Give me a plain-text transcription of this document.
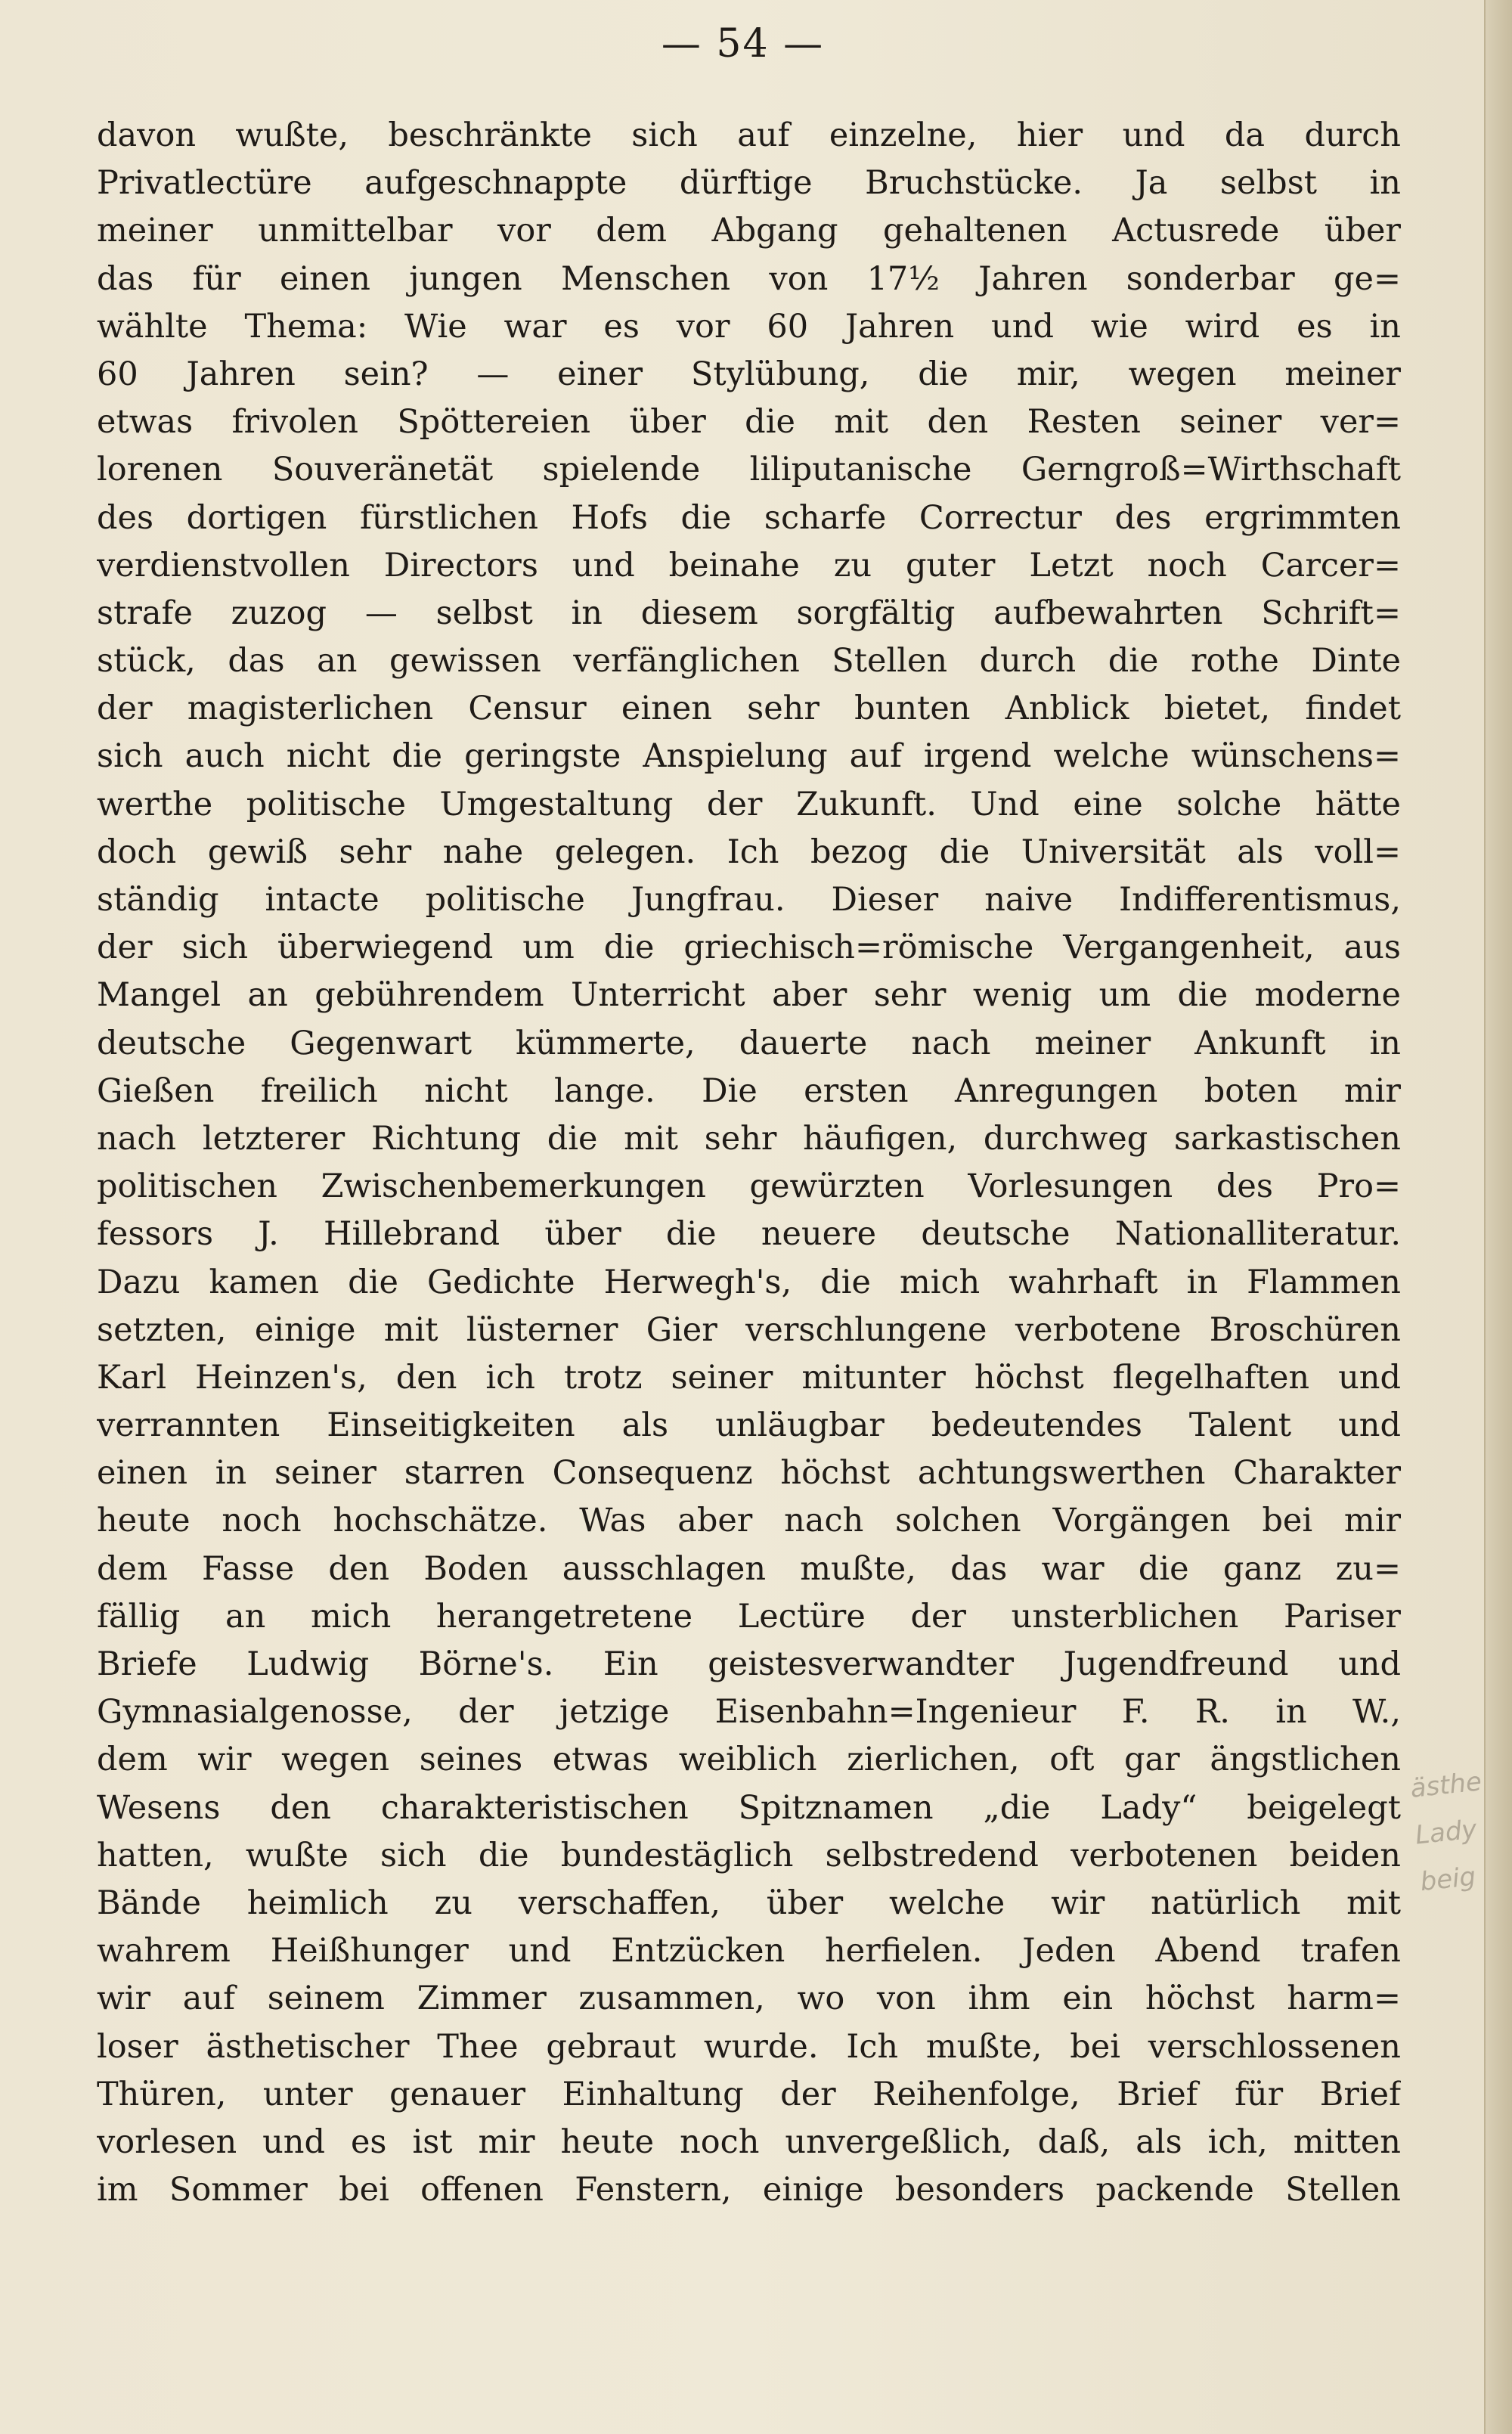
— 54 —
davon wußte, beschränkte sich auf einzelne, hier und da durch
Privatlectüre aufgeschnappte dürftige Bruchstücke. Ja selbst in
meiner unmittelbar vor dem Abgang gehaltenen Actusrede über
das für einen jungen Menschen von 17½ Jahren sonderbar ge=
wählte Thema: Wie war es vor 60 Jahren und wie wird es in
60 Jahren sein? — einer Stylübung, die mir, wegen meiner
etwas frivolen Spöttereien über die mit den Resten seiner ver=
lorenen Souveränetät spielende liliputanische Gerngroß=Wirthschaft
des dortigen fürstlichen Hofs die scharfe Correctur des ergrimmten
verdienstvollen Directors und beinahe zu guter Letzt noch Carcer=
strafe zuzog — selbst in diesem sorgfältig aufbewahrten Schrift=
stück, das an gewissen verfänglichen Stellen durch die rothe Dinte
der magisterlichen Censur einen sehr bunten Anblick bietet, findet
sich auch nicht die geringste Anspielung auf irgend welche wünschens=
werthe politische Umgestaltung der Zukunft. Und eine solche hätte
doch gewiß sehr nahe gelegen. Ich bezog die Universität als voll=
ständig intacte politische Jungfrau. Dieser naive Indifferentismus,
der sich überwiegend um die griechisch=römische Vergangenheit, aus
Mangel an gebührendem Unterricht aber sehr wenig um die moderne
deutsche Gegenwart kümmerte, dauerte nach meiner Ankunft in
Gießen freilich nicht lange. Die ersten Anregungen boten mir
nach letzterer Richtung die mit sehr häufigen, durchweg sarkastischen
politischen Zwischenbemerkungen gewürzten Vorlesungen des Pro=
fessors J. Hillebrand über die neuere deutsche Nationalliteratur.
Dazu kamen die Gedichte Herwegh's, die mich wahrhaft in Flammen
setzten, einige mit lüsterner Gier verschlungene verbotene Broschüren
Karl Heinzen's, den ich trotz seiner mitunter höchst flegelhaften und
verrannten Einseitigkeiten als unläugbar bedeutendes Talent und
einen in seiner starren Consequenz höchst achtungswerthen Charakter
heute noch hochschätze. Was aber nach solchen Vorgängen bei mir
dem Fasse den Boden ausschlagen mußte, das war die ganz zu=
fällig an mich herangetretene Lectüre der unsterblichen Pariser
Briefe Ludwig Börne's. Ein geistesverwandter Jugendfreund und
Gymnasialgenosse, der jetzige Eisenbahn=Ingenieur F. R. in W.,
dem wir wegen seines etwas weiblich zierlichen, oft gar ängstlichen
Wesens den charakteristischen Spitznamen „die Lady“ beigelegt
hatten, wußte sich die bundestäglich selbstredend verbotenen beiden
Bände heimlich zu verschaffen, über welche wir natürlich mit
wahrem Heißhunger und Entzücken herfielen. Jeden Abend trafen
wir auf seinem Zimmer zusammen, wo von ihm ein höchst harm=
loser ästhetischer Thee gebraut wurde. Ich mußte, bei verschlossenen
Thüren, unter genauer Einhaltung der Reihenfolge, Brief für Brief
vorlesen und es ist mir heute noch unvergeßlich, daß, als ich, mitten
im Sommer bei offenen Fenstern, einige besonders packende Stellen
ästhe
Lady
beig
